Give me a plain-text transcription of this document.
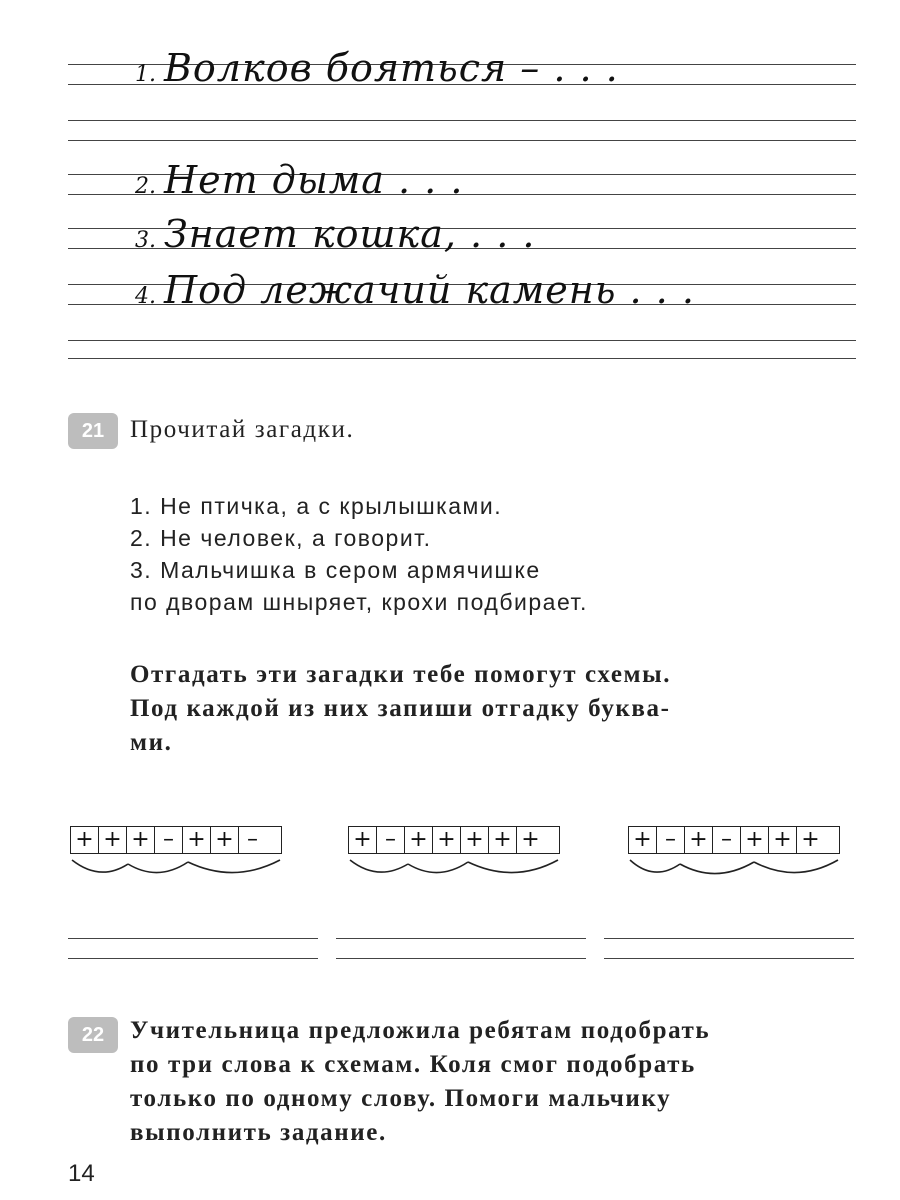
1. Волков бояться – . . .
2. Нет дыма . . .
3. Знает кошка, . . .
4. Под лежачий камень . . .
21	Прочитай загадки.
1. Не птичка, а с крылышками.
2. Не человек, а говорит.
3. Мальчишка в сером армячишке
по дворам шныряет, крохи подбирает.
Отгадать эти загадки тебе помогут схемы.
Под каждой из них запиши отгадку буква-
ми.
+ + + – + + –	+ – + + + + +	+ – + – + + +
22	Учительница предложила ребятам подобрать
по три слова к схемам. Коля смог подобрать
только по одному слову. Помоги мальчику
выполнить задание.
14
